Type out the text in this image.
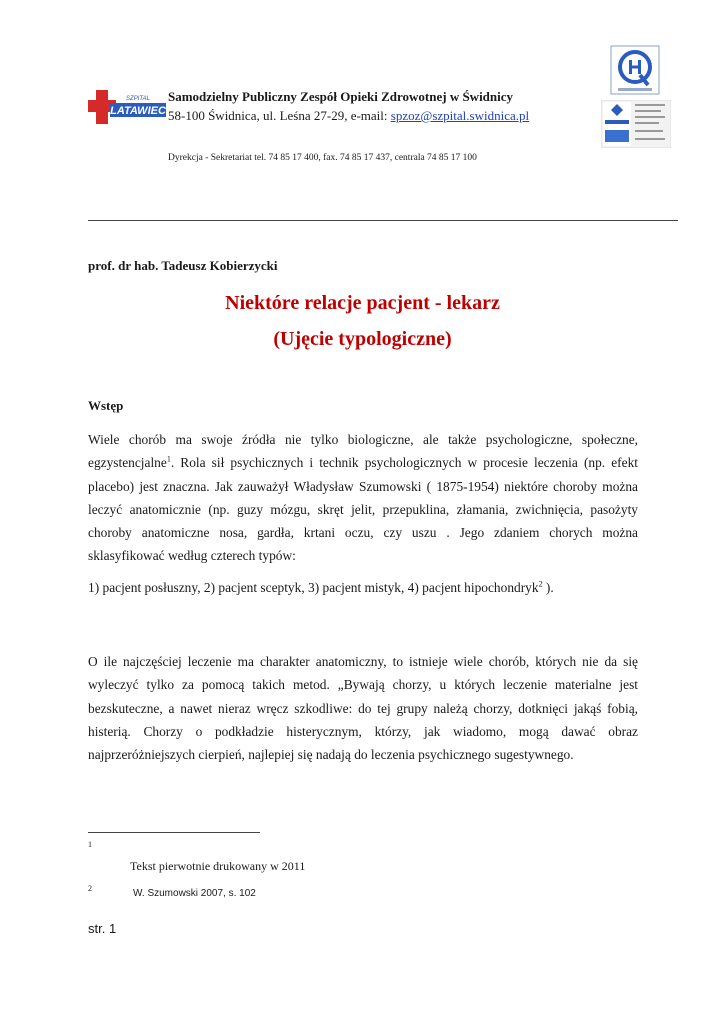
LATAWIEC
SZPITAL Samodzielny Publiczny Zespół Opieki Zdrowotnej w Świdnicy
58-100 Świdnica, ul. Leśna 27-29, e-mail: spzoz@szpital.swidnica.pl
Dyrekcja - Sekretariat tel. 74 85 17 400, fax. 74 85 17 437, centrala 74 85 17 100
prof. dr hab. Tadeusz Kobierzycki
Niektóre relacje pacjent - lekarz
(Ujęcie typologiczne)
Wstęp
Wiele chorób ma swoje źródła nie tylko biologiczne, ale także psychologiczne, społeczne, egzystencjalne$^1$. Rola sił psychicznych i technik psychologicznych w procesie leczenia (np. efekt placebo) jest znaczna. Jak zauważył Władysław Szumowski ( 1875-1954) niektóre choroby można leczyć anatomicznie (np. guzy mózgu, skręt jelit, przepuklina, złamania, zwichnięcia, pasożyty choroby anatomiczne nosa, gardła, krtani oczu, czy uszu . Jego zdaniem chorych można sklasyfikować według czterech typów:
1) pacjent posłuszny, 2) pacjent sceptyk, 3) pacjent mistyk, 4) pacjent hipochondryk$^2$ ).
O ile najczęściej leczenie ma charakter anatomiczny, to istnieje wiele chorób, których nie da się wyleczyć tylko za pomocą takich metod. „Bywają chorzy, u których leczenie materialne jest bezskuteczne, a nawet nieraz wręcz szkodliwe: do tej grupy należą chorzy, dotknięci jakąś fobią, histerią. Chorzy o podkładzie histerycznym, którzy, jak wiadomo, mogą dawać obraz najprzeróżniejszych cierpień, najlepiej się nadają do leczenia psychicznego sugestywnego.
1
Tekst pierwotnie drukowany w 2011
2	W. Szumowski 2007, s. 102
str. 1
